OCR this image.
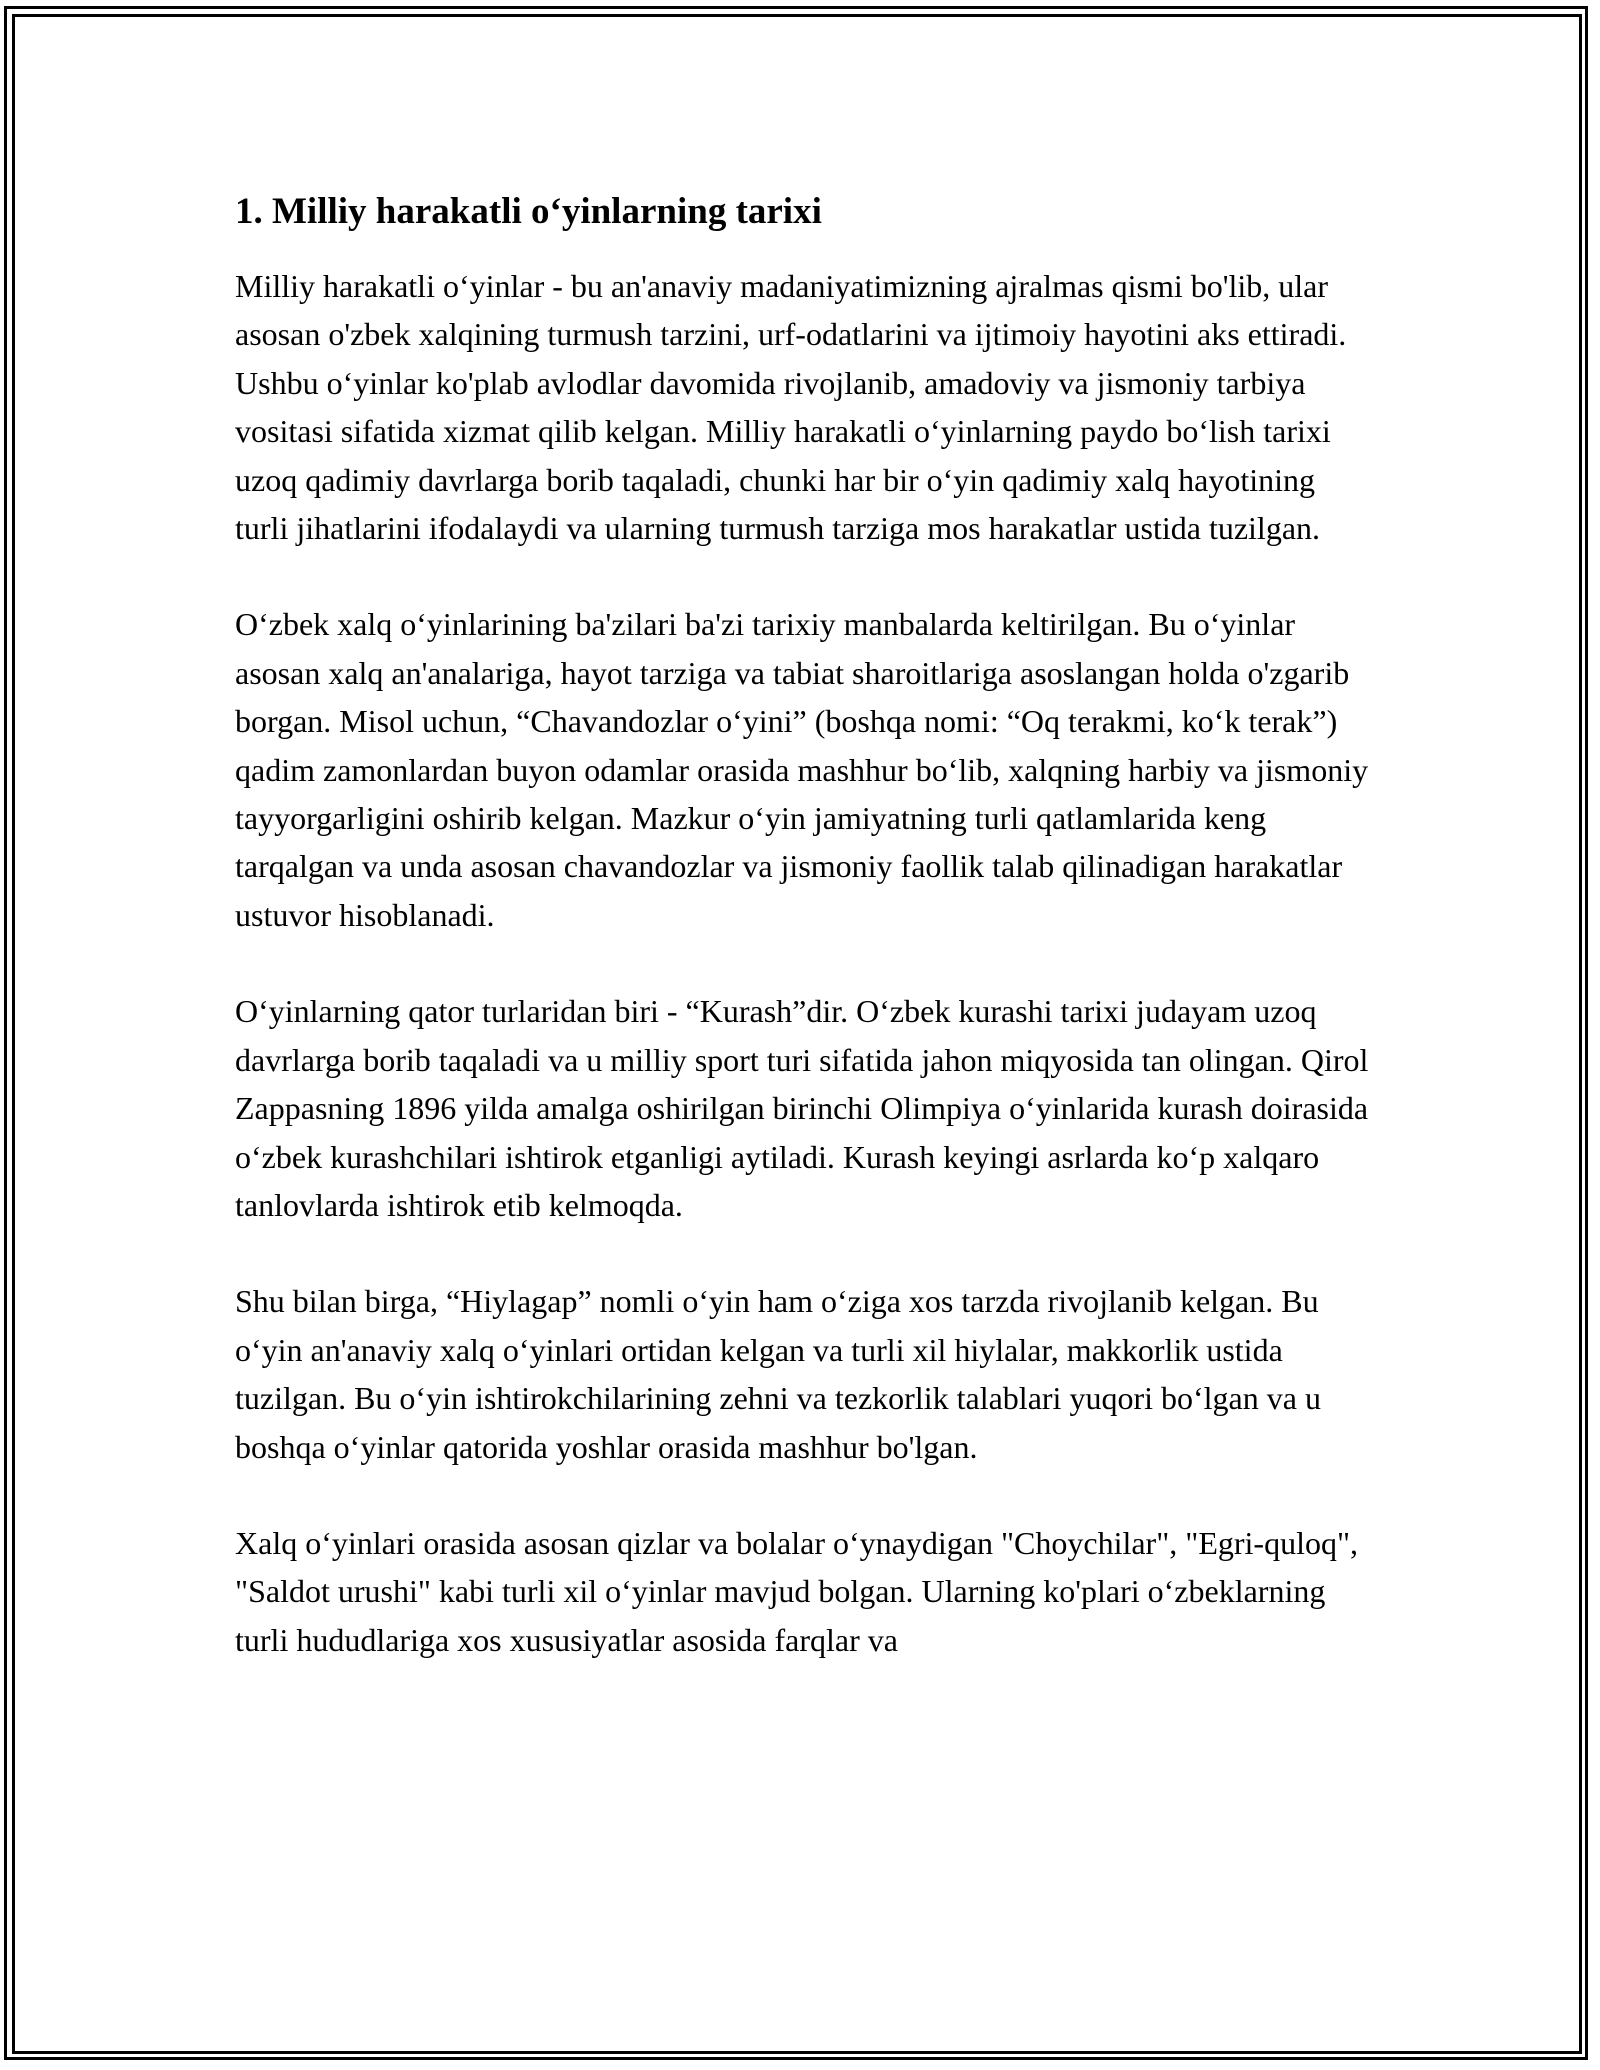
1. Milliy harakatli o‘yinlarning tarixi

Milliy harakatli o‘yinlar - bu an'anaviy madaniyatimizning ajralmas qismi bo'lib, ular asosan o'zbek xalqining turmush tarzini, urf-odatlarini va ijtimoiy hayotini aks ettiradi. Ushbu o‘yinlar ko'plab avlodlar davomida rivojlanib, amadoviy va jismoniy tarbiya vositasi sifatida xizmat qilib kelgan. Milliy harakatli o‘yinlarning paydo bo‘lish tarixi uzoq qadimiy davrlarga borib taqaladi, chunki har bir o‘yin qadimiy xalq hayotining turli jihatlarini ifodalaydi va ularning turmush tarziga mos harakatlar ustida tuzilgan.

O‘zbek xalq o‘yinlarining ba'zilari ba'zi tarixiy manbalarda keltirilgan. Bu o‘yinlar asosan xalq an'analariga, hayot tarziga va tabiat sharoitlariga asoslangan holda o'zgarib borgan. Misol uchun, “Chavandozlar o‘yini” (boshqa nomi: “Oq terakmi, ko‘k terak”) qadim zamonlardan buyon odamlar orasida mashhur bo‘lib, xalqning harbiy va jismoniy tayyorgarligini oshirib kelgan. Mazkur o‘yin jamiyatning turli qatlamlarida keng tarqalgan va unda asosan chavandozlar va jismoniy faollik talab qilinadigan harakatlar ustuvor hisoblanadi.

O‘yinlarning qator turlaridan biri - “Kurash”dir. O‘zbek kurashi tarixi judayam uzoq davrlarga borib taqaladi va u milliy sport turi sifatida jahon miqyosida tan olingan. Qirol Zappasning 1896 yilda amalga oshirilgan birinchi Olimpiya o‘yinlarida kurash doirasida o‘zbek kurashchilari ishtirok etganligi aytiladi. Kurash keyingi asrlarda ko‘p xalqaro tanlovlarda ishtirok etib kelmoqda.

Shu bilan birga, “Hiylagap” nomli o‘yin ham o‘ziga xos tarzda rivojlanib kelgan. Bu o‘yin an'anaviy xalq o‘yinlari ortidan kelgan va turli xil hiylalar, makkorlik ustida tuzilgan. Bu o‘yin ishtirokchilarining zehni va tezkorlik talablari yuqori bo‘lgan va u boshqa o‘yinlar qatorida yoshlar orasida mashhur bo'lgan.

Xalq o‘yinlari orasida asosan qizlar va bolalar o‘ynaydigan "Choychilar", "Egri-quloq", "Saldot urushi" kabi turli xil o‘yinlar mavjud bolgan. Ularning ko'plari o‘zbeklarning turli hududlariga xos xususiyatlar asosida farqlar va
